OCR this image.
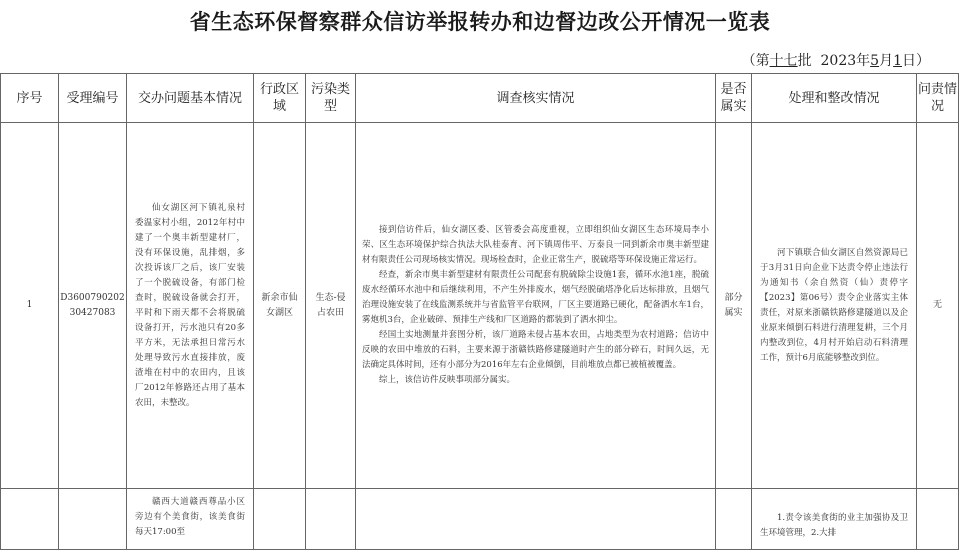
省生态环保督察群众信访举报转办和边督边改公开情况一览表
（第十七批 2023年5月1日）
序号	受理编号	交办问题基本情况	行政区域	污染类型	调查核实情况	是否属实	处理和整改情况	问责情况
1	D3600790202 30427083	仙女湖区河下镇礼泉村委温家村小组，2012年村中建了一个奥丰新型建材厂，没有环保设施，乱排烟，多次投诉该厂之后，该厂安装了一个脱硫设备，有部门检查时，脱硫设备就会打开，平时和下雨天都不会将脱硫设备打开，污水池只有20多平方米，无法承担日常污水处理导致污水直接排放，废渣堆在村中的农田内，且该厂2012年修路还占用了基本农田，未整改。	新余市仙女湖区	生态-侵占农田	接到信访件后，仙女湖区委、区管委会高度重视，立即组织仙女湖区生态环境局李小荣、区生态环境保护综合执法大队桂泰育、河下镇周伟平、万泰良一同到新余市奥丰新型建材有限责任公司现场核实情况。现场检查时，企业正常生产，脱硫塔等环保设施正常运行。

经查，新余市奥丰新型建材有限责任公司配套有脱硫除尘设施1套，循环水池1座，脱硫废水经循环水池中和后继续利用，不产生外排废水，烟气经脱硫塔净化后达标排放，且烟气治理设施安装了在线监测系统并与省监管平台联网，厂区主要道路已硬化，配备洒水车1台，雾炮机3台，企业破碎、预排生产线和厂区道路的都装到了洒水抑尘。

经国土实地测量并套图分析，该厂道路未侵占基本农田，占地类型为农村道路；信访中反映的农田中堆放的石料，主要来源于浙赣铁路修建隧道时产生的部分碎石，时间久远，无法确定具体时间，还有小部分为2016年左右企业倾倒，目前堆放点都已被植被覆盖。

综上，该信访件反映事项部分属实。	部分属实	河下镇联合仙女湖区自然资源局已于3月31日向企业下达责令停止违法行为通知书（余自然资（仙）责停字【2023】第06号）责令企业落实主体责任，对原来浙赣铁路修建隧道以及企业原来倾倒石料进行清理复耕，三个月内整改到位，4月村开始启动石料清理工作，预计6月底能够整改到位。	无

		赣西大道赣西尊品小区旁边有个美食街，该美食街每天17:00至					1.责令该美食街的业主加强协及卫生环境管理，2.大排	
